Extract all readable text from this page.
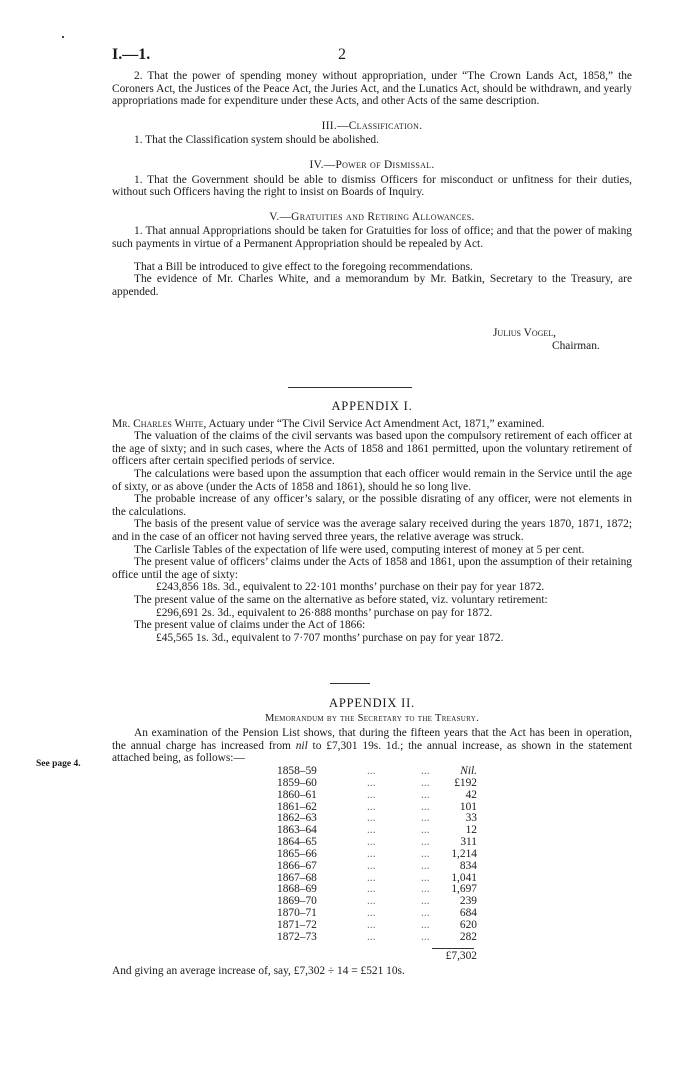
I.—1.	2

2. That the power of spending money without appropriation, under “The Crown Lands Act, 1858,” the Coroners Act, the Justices of the Peace Act, the Juries Act, and the Lunatics Act, should be withdrawn, and yearly appropriations made for expenditure under these Acts, and other Acts of the same description.

III.—Classification.

1. That the Classification system should be abolished.

IV.—Power of Dismissal.

1. That the Government should be able to dismiss Officers for misconduct or unfitness for their duties, without such Officers having the right to insist on Boards of Inquiry.

V.—Gratuities and Retiring Allowances.

1. That annual Appropriations should be taken for Gratuities for loss of office; and that the power of making such payments in virtue of a Permanent Appropriation should be repealed by Act.

That a Bill be introduced to give effect to the foregoing recommendations.

The evidence of Mr. Charles White, and a memorandum by Mr. Batkin, Secretary to the Treasury, are appended.

Julius Vogel,
Chairman.

APPENDIX I.

Mr. Charles White, Actuary under “The Civil Service Act Amendment Act, 1871,” examined.

The valuation of the claims of the civil servants was based upon the compulsory retirement of each officer at the age of sixty; and in such cases, where the Acts of 1858 and 1861 permitted, upon the voluntary retirement of officers after certain specified periods of service.

The calculations were based upon the assumption that each officer would remain in the Service until the age of sixty, or as above (under the Acts of 1858 and 1861), should he so long live.

The probable increase of any officer’s salary, or the possible disrating of any officer, were not elements in the calculations.

The basis of the present value of service was the average salary received during the years 1870, 1871, 1872; and in the case of an officer not having served three years, the relative average was struck.

The Carlisle Tables of the expectation of life were used, computing interest of money at 5 per cent.

The present value of officers’ claims under the Acts of 1858 and 1861, upon the assumption of their retaining office until the age of sixty:

£243,856 18s. 3d., equivalent to 22·101 months’ purchase on their pay for year 1872.

The present value of the same on the alternative as before stated, viz. voluntary retirement:
£296,691 2s. 3d., equivalent to 26·888 months’ purchase on pay for 1872.

The present value of claims under the Act of 1866:
£45,565 1s. 3d., equivalent to 7·707 months’ purchase on pay for year 1872.

APPENDIX II.

Memorandum by the Secretary to the Treasury.

An examination of the Pension List shows, that during the fifteen years that the Act has been in operation, the annual charge has increased from nil to £7,301 19s. 1d.; the annual increase, as shown in the statement attached being, as follows:—

See page 4.
1858–59	...	...	Nil.
1859–60	...	...	£192
1860–61	...	...	42
1861–62	...	...	101
1862–63	...	...	33
1863–64	...	...	12
1864–65	...	...	311
1865–66	...	...	1,214
1866–67	...	...	834
1867–68	...	...	1,041
1868–69	...	...	1,697
1869–70	...	...	239
1870–71	...	...	684
1871–72	...	...	620
1872–73	...	...	282
£7,302
And giving an average increase of, say, £7,302 ÷ 14 = £521 10s.
